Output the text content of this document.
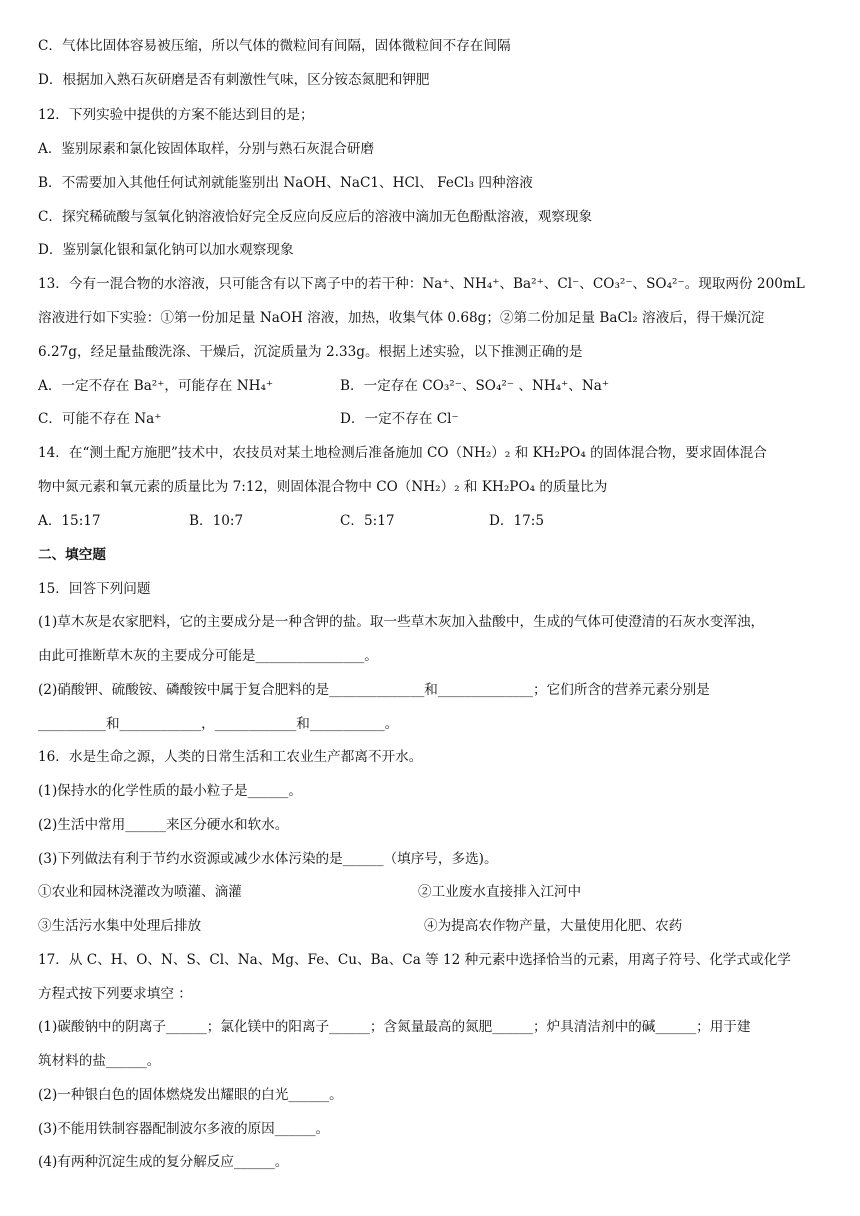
C．气体比固体容易被压缩，所以气体的微粒间有间隔，固体微粒间不存在间隔
D．根据加入熟石灰研磨是否有刺激性气味，区分铵态氮肥和钾肥
12．下列实验中提供的方案不能达到目的是；
A．鉴别尿素和氯化铵固体取样，分别与熟石灰混合研磨
B．不需要加入其他任何试剂就能鉴别出 NaOH、NaC1、HCl、 FeCl₃ 四种溶液
C．探究稀硫酸与氢氧化钠溶液恰好完全反应向反应后的溶液中滴加无色酚酞溶液，观察现象
D．鉴别氯化银和氯化钠可以加水观察现象
13．今有一混合物的水溶液，只可能含有以下离子中的若干种：Na⁺、NH₄⁺、Ba²⁺、Cl⁻、CO₃²⁻、SO₄²⁻。现取两份 200mL
溶液进行如下实验：①第一份加足量 NaOH 溶液，加热，收集气体 0.68g；②第二份加足量 BaCl₂ 溶液后，得干燥沉淀
6.27g，经足量盐酸洗涤、干燥后，沉淀质量为 2.33g。根据上述实验，以下推测正确的是
A．一定不存在 Ba²⁺，可能存在 NH₄⁺	B．一定存在 CO₃²⁻、SO₄²⁻ 、NH₄⁺、Na⁺
C．可能不存在 Na⁺	D．一定不存在 Cl⁻
14．在“测土配方施肥”技术中，农技员对某土地检测后准备施加 CO（NH₂）₂ 和 KH₂PO₄ 的固体混合物，要求固体混合
物中氮元素和氧元素的质量比为 7:12，则固体混合物中 CO（NH₂）₂ 和 KH₂PO₄ 的质量比为
A．15:17	B．10:7	C．5:17	D．17:5
二、填空题
15．回答下列问题
(1)草木灰是农家肥料，它的主要成分是一种含钾的盐。取一些草木灰加入盐酸中，生成的气体可使澄清的石灰水变浑浊，
由此可推断草木灰的主要成分可能是________________。
(2)硝酸钾、硫酸铵、磷酸铵中属于复合肥料的是______________和______________；它们所含的营养元素分别是
__________和____________，____________和___________。
16．水是生命之源，人类的日常生活和工农业生产都离不开水。
(1)保持水的化学性质的最小粒子是______。
(2)生活中常用______来区分硬水和软水。
(3)下列做法有利于节约水资源或减少水体污染的是______（填序号，多选)。
①农业和园林浇灌改为喷灌、滴灌	②工业废水直接排入江河中
③生活污水集中处理后排放	④为提高农作物产量，大量使用化肥、农药
17．从 C、H、O、N、S、Cl、Na、Mg、Fe、Cu、Ba、Ca 等 12 种元素中选择恰当的元素，用离子符号、化学式或化学
方程式按下列要求填空 ：
(1)碳酸钠中的阴离子______；氯化镁中的阳离子______；含氮量最高的氮肥______；炉具清洁剂中的碱______；用于建
筑材料的盐______。
(2)一种银白色的固体燃烧发出耀眼的白光______。
(3)不能用铁制容器配制波尔多液的原因______。
(4)有两种沉淀生成的复分解反应______。
